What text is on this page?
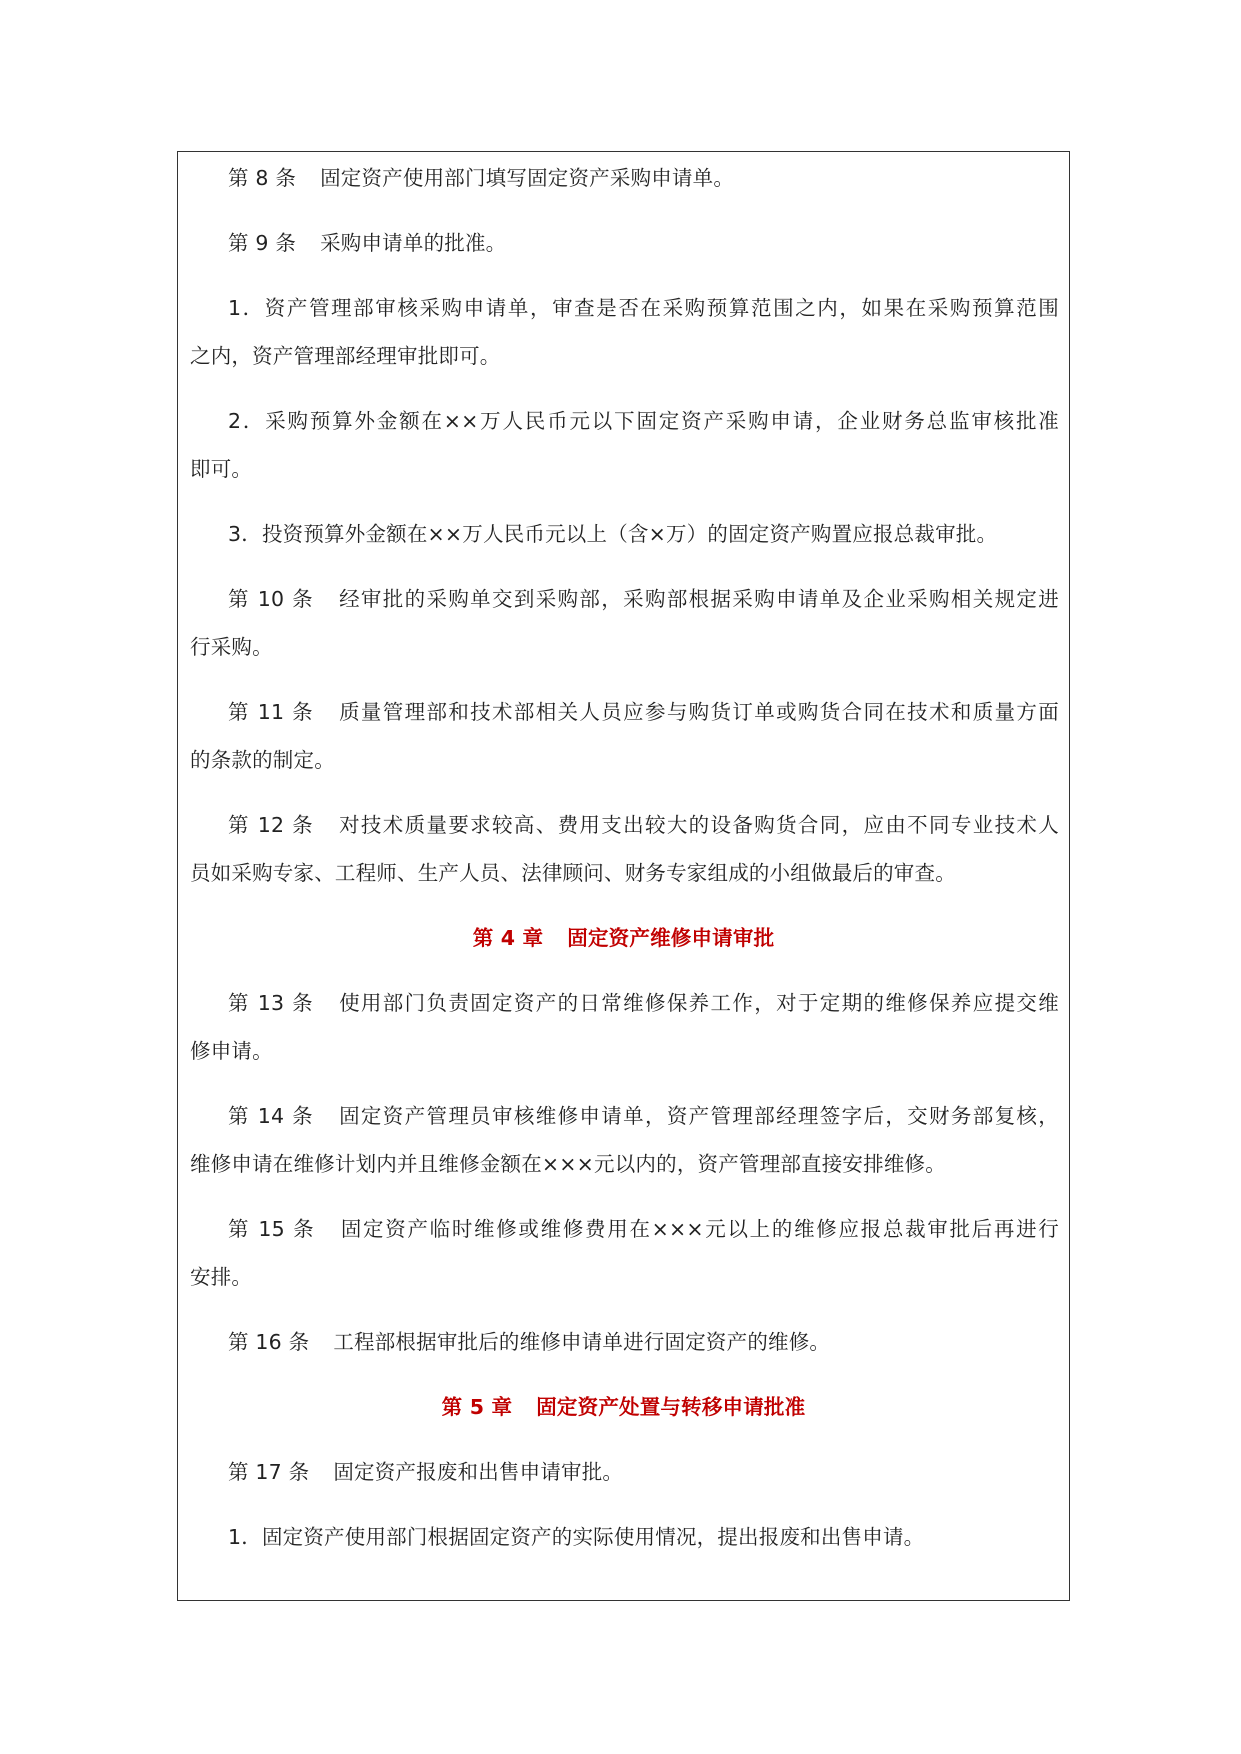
第 8 条 固定资产使用部门填写固定资产采购申请单。
第 9 条 采购申请单的批准。
1．资产管理部审核采购申请单，审查是否在采购预算范围之内，如果在采购预算范围
之内，资产管理部经理审批即可。
2．采购预算外金额在××万人民币元以下固定资产采购申请，企业财务总监审核批准
即可。
3．投资预算外金额在××万人民币元以上（含×万）的固定资产购置应报总裁审批。
第 10 条 经审批的采购单交到采购部，采购部根据采购申请单及企业采购相关规定进
行采购。
第 11 条 质量管理部和技术部相关人员应参与购货订单或购货合同在技术和质量方面
的条款的制定。
第 12 条 对技术质量要求较高、费用支出较大的设备购货合同，应由不同专业技术人
员如采购专家、工程师、生产人员、法律顾问、财务专家组成的小组做最后的审查。
第 4 章 固定资产维修申请审批
第 13 条 使用部门负责固定资产的日常维修保养工作，对于定期的维修保养应提交维
修申请。
第 14 条 固定资产管理员审核维修申请单，资产管理部经理签字后，交财务部复核，
维修申请在维修计划内并且维修金额在×××元以内的，资产管理部直接安排维修。
第 15 条 固定资产临时维修或维修费用在×××元以上的维修应报总裁审批后再进行
安排。
第 16 条 工程部根据审批后的维修申请单进行固定资产的维修。
第 5 章 固定资产处置与转移申请批准
第 17 条 固定资产报废和出售申请审批。
1．固定资产使用部门根据固定资产的实际使用情况，提出报废和出售申请。
